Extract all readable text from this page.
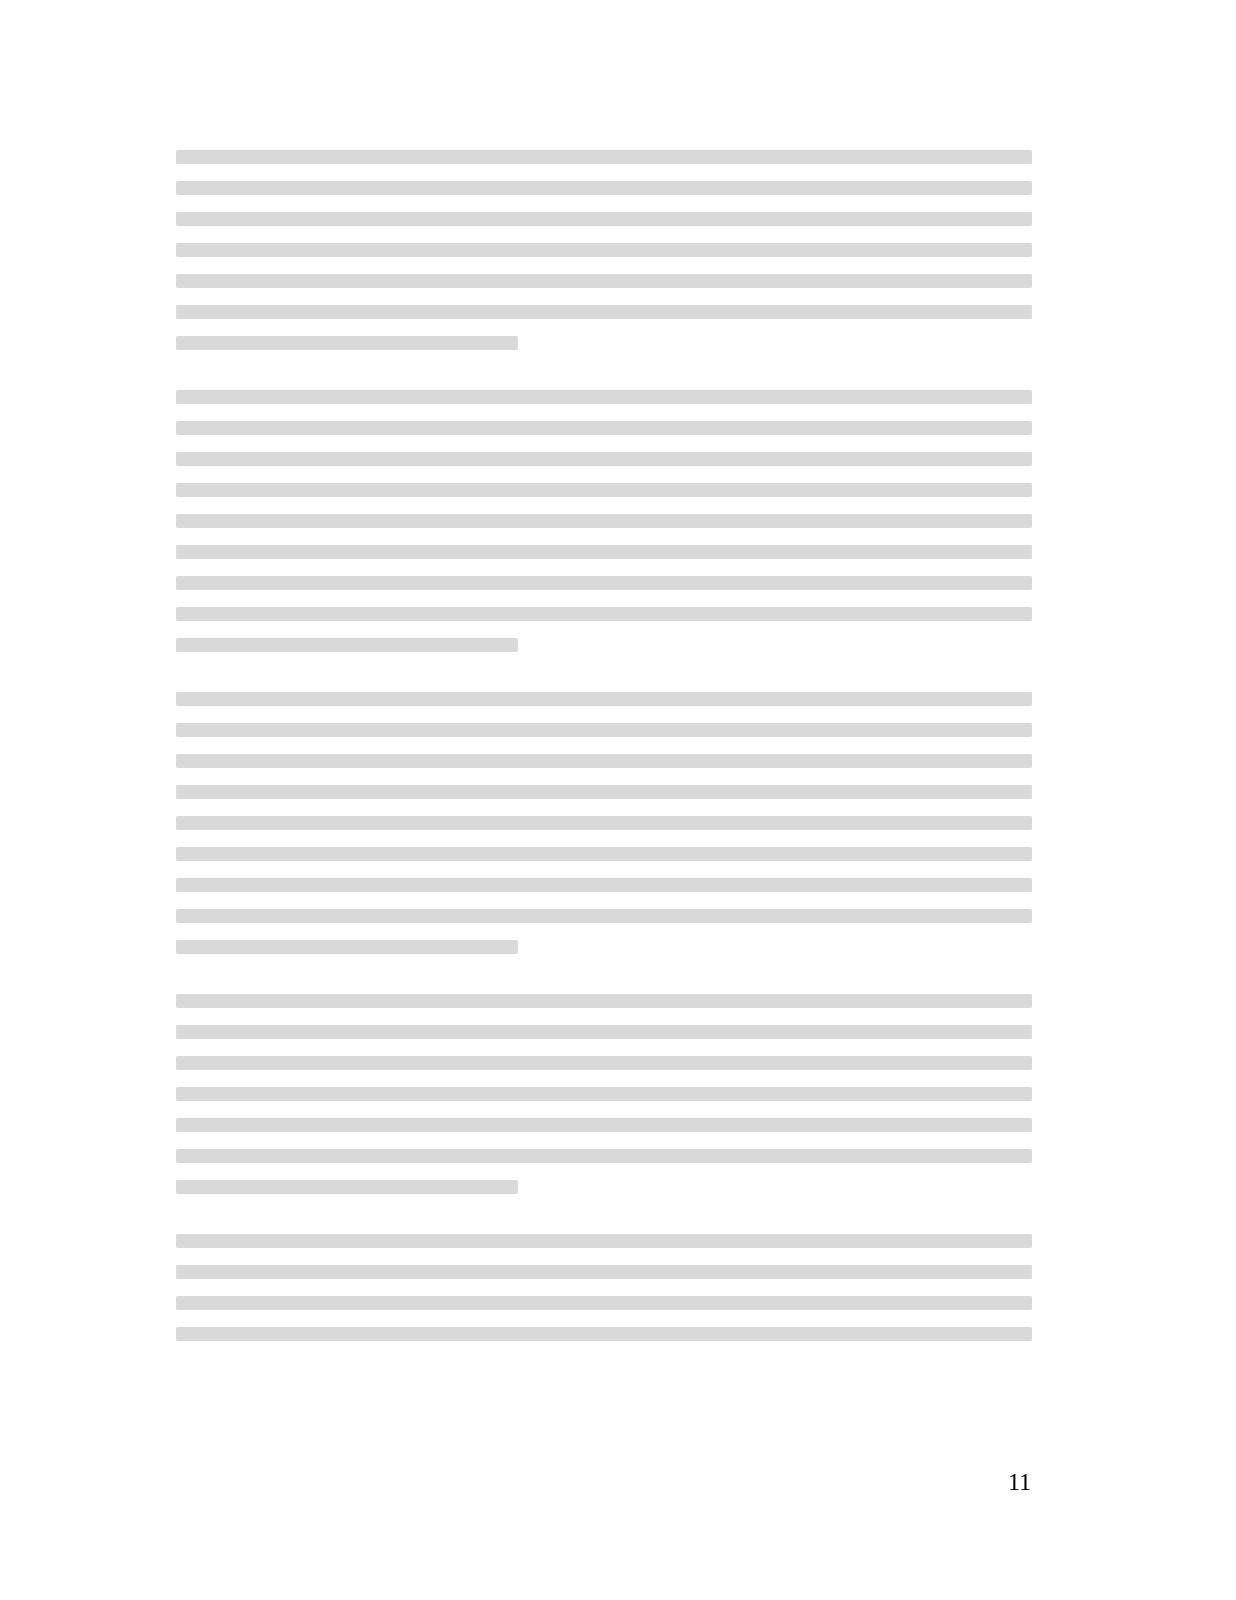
11
